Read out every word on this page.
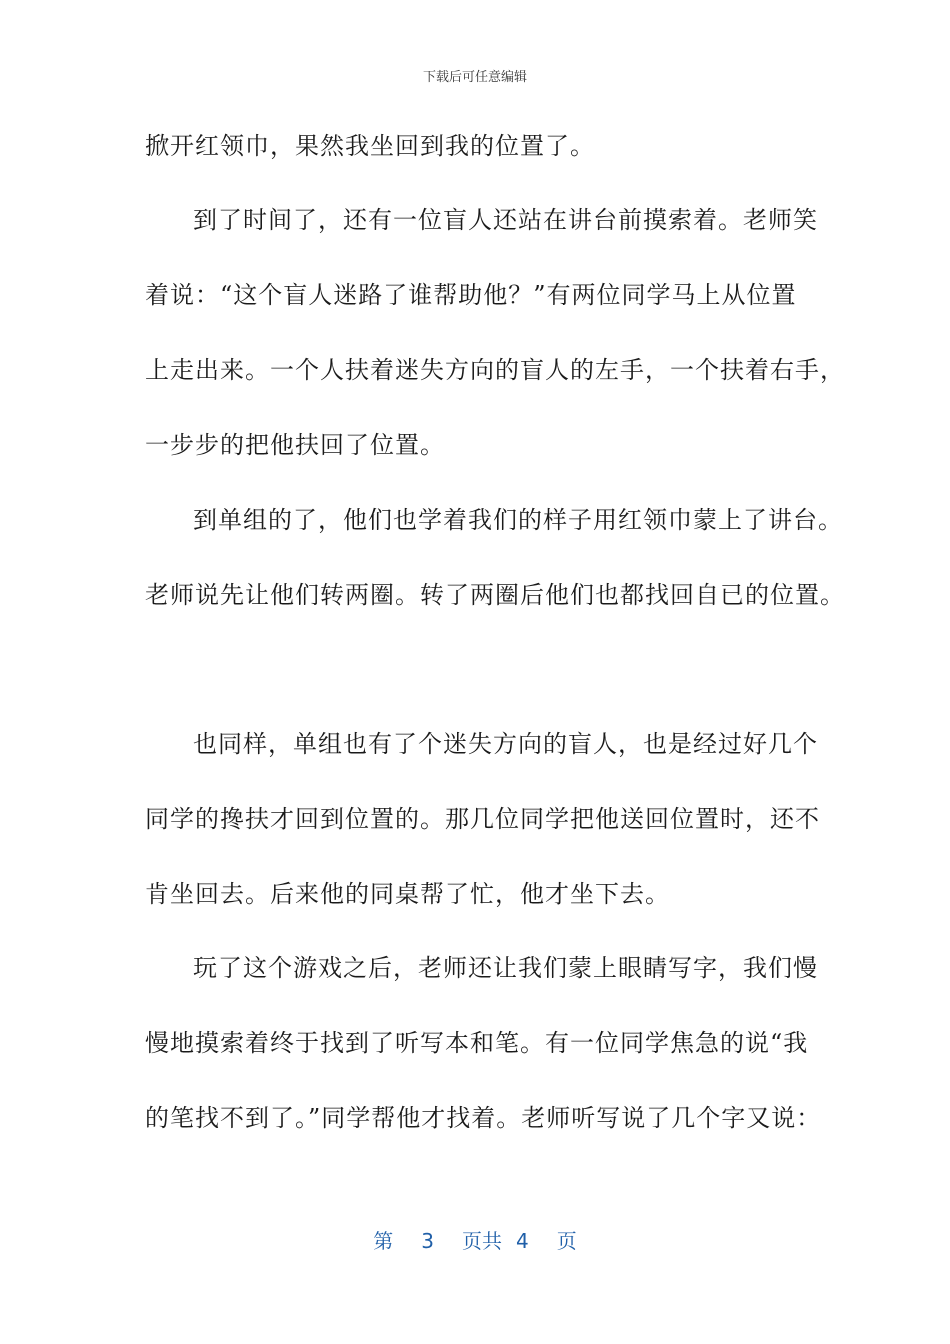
下载后可任意编辑
掀开红领巾，果然我坐回到我的位置了。
到了时间了，还有一位盲人还站在讲台前摸索着。老师笑
着说：“这个盲人迷路了谁帮助他？”有两位同学马上从位置
上走出来。一个人扶着迷失方向的盲人的左手，一个扶着右手，
一步步的把他扶回了位置。
到单组的了，他们也学着我们的样子用红领巾蒙上了讲台。
老师说先让他们转两圈。转了两圈后他们也都找回自已的位置。
也同样，单组也有了个迷失方向的盲人，也是经过好几个
同学的搀扶才回到位置的。那几位同学把他送回位置时，还不
肯坐回去。后来他的同桌帮了忙，他才坐下去。
玩了这个游戏之后，老师还让我们蒙上眼睛写字，我们慢
慢地摸索着终于找到了听写本和笔。有一位同学焦急的说“我
的笔找不到了。”同学帮他才找着。老师听写说了几个字又说：
第 3 页共 4 页
